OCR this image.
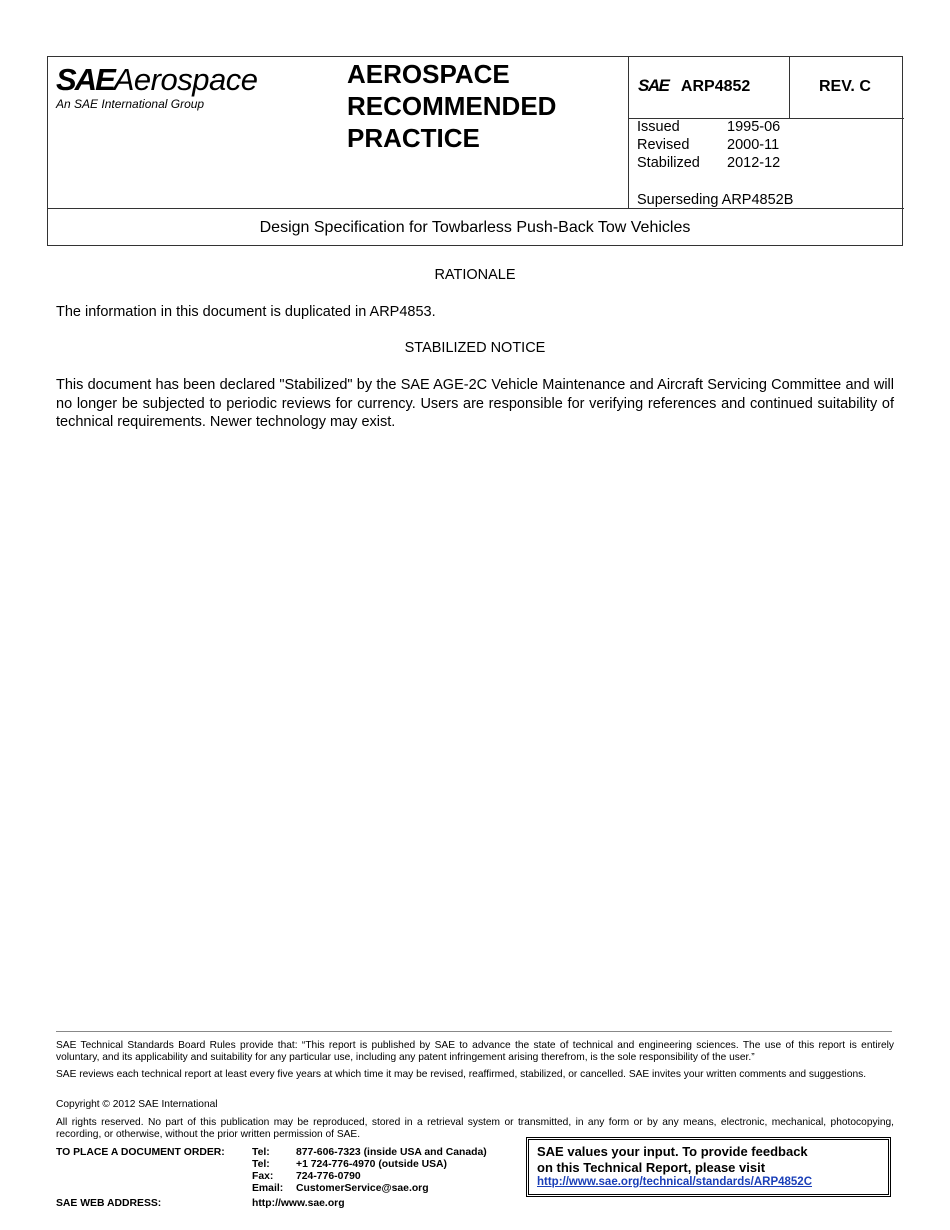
SAEAerospace
An SAE International Group
AEROSPACE
RECOMMENDED
PRACTICE
SAE ARP4852	REV. C
Issued	1995-06
Revised	2000-11
Stabilized 2012-12
Superseding ARP4852B
Design Specification for Towbarless Push-Back Tow Vehicles
RATIONALE
The information in this document is duplicated in ARP4853.
STABILIZED NOTICE
This document has been declared "Stabilized" by the SAE AGE-2C Vehicle Maintenance and Aircraft Servicing Committee and will no longer be subjected to periodic reviews for currency. Users are responsible for verifying references and continued suitability of technical requirements. Newer technology may exist.
SAE Technical Standards Board Rules provide that: “This report is published by SAE to advance the state of technical and engineering sciences. The use of this report is entirely voluntary, and its applicability and suitability for any particular use, including any patent infringement arising therefrom, is the sole responsibility of the user.”
SAE reviews each technical report at least every five years at which time it may be revised, reaffirmed, stabilized, or cancelled. SAE invites your written comments and suggestions.
Copyright © 2012 SAE International
All rights reserved. No part of this publication may be reproduced, stored in a retrieval system or transmitted, in any form or by any means, electronic, mechanical, photocopying, recording, or otherwise, without the prior written permission of SAE.
TO PLACE A DOCUMENT ORDER:	Tel:	877-606-7323 (inside USA and Canada)
Tel:	+1 724-776-4970 (outside USA)
Fax: 724-776-0790
Email: CustomerService@sae.org
SAE WEB ADDRESS:	http://www.sae.org
SAE values your input. To provide feedback
on this Technical Report, please visit
http://www.sae.org/technical/standards/ARP4852C
